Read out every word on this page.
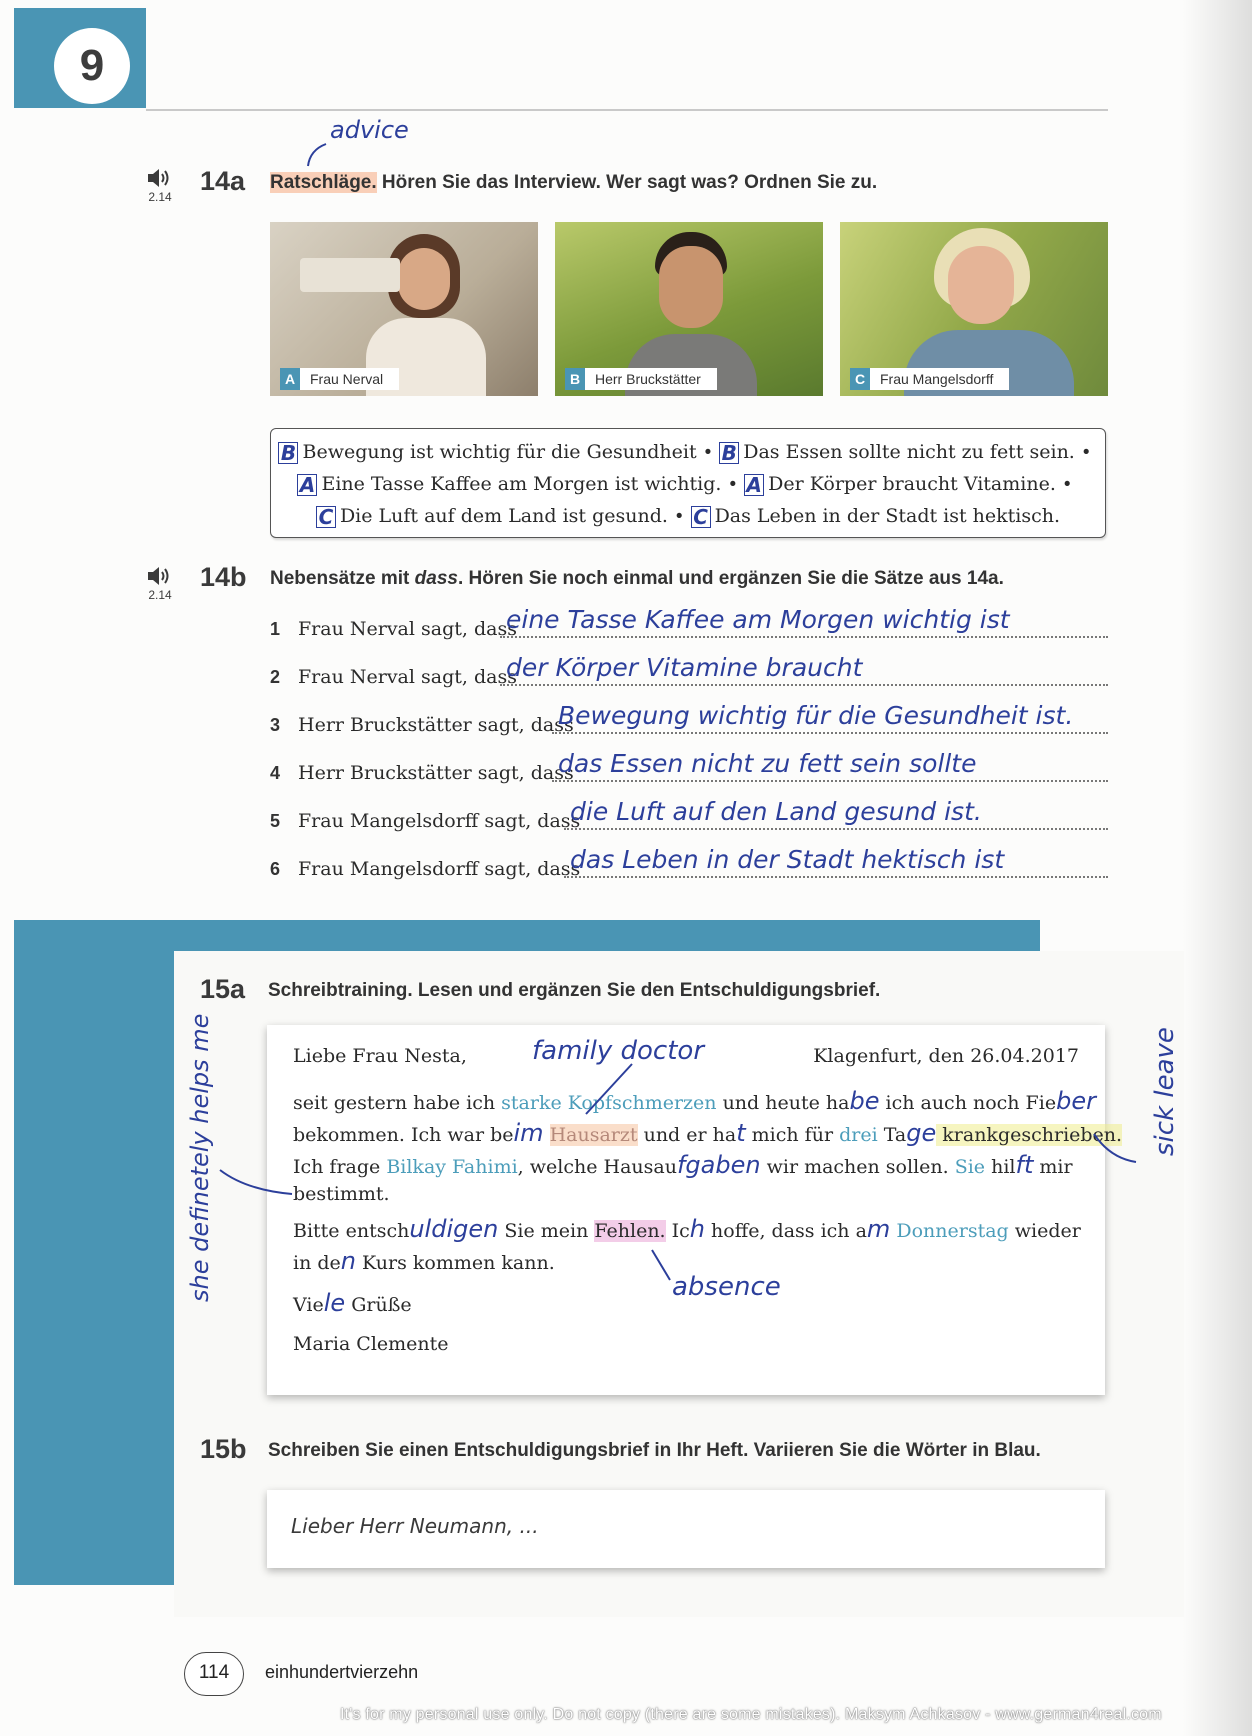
9
2.14
14a Ratschläge. Hören Sie das Interview. Wer sagt was? Ordnen Sie zu.
advice
A	Frau Nerval	B	Herr Bruckstätter	C	Frau Mangelsdorff
B Bewegung ist wichtig für die Gesundheit • B Das Essen sollte nicht zu fett sein. •
A Eine Tasse Kaffee am Morgen ist wichtig. • A Der Körper braucht Vitamine. •
C Die Luft auf dem Land ist gesund. • C Das Leben in der Stadt ist hektisch.
2.14
14b Nebensätze mit dass. Hören Sie noch einmal und ergänzen Sie die Sätze aus 14a.
1 Frau Nerval sagt, dass
eine Tasse Kaffee am Morgen wichtig ist
2 Frau Nerval sagt, dass
der Körper Vitamine braucht
3 Herr Bruckstätter sagt, dass
Bewegung wichtig für die Gesundheit ist.
4 Herr Bruckstätter sagt, dass
das Essen nicht zu fett sein sollte
5 Frau Mangelsdorff sagt, dass
die Luft auf den Land gesund ist.
6 Frau Mangelsdorff sagt, dass
das Leben in der Stadt hektisch ist
15a Schreibtraining. Lesen und ergänzen Sie den Entschuldigungsbrief.
Liebe Frau Nesta,	Klagenfurt, den 26.04.2017
seit gestern habe ich starke Kopfschmerzen und heute habe ich auch noch Fieber
bekommen. Ich war beim Hausarzt und er hat mich für drei Tage krankgeschrieben.
Ich frage Bilkay Fahimi, welche Hausaufgaben wir machen sollen. Sie hilft mir
bestimmt.
Bitte entschuldigen Sie mein Fehlen. Ich hoffe, dass ich am Donnerstag wieder
in den Kurs kommen kann.
Viele Grüße
Maria Clemente
family doctor
absence
sick leave
she definetely helps me
15b Schreiben Sie einen Entschuldigungsbrief in Ihr Heft. Variieren Sie die Wörter in Blau.
Lieber Herr Neumann, ...
114	einhundertvierzehn
It's for my personal use only. Do not copy (there are some mistakes). Maksym Achkasov - www.german4real.com
